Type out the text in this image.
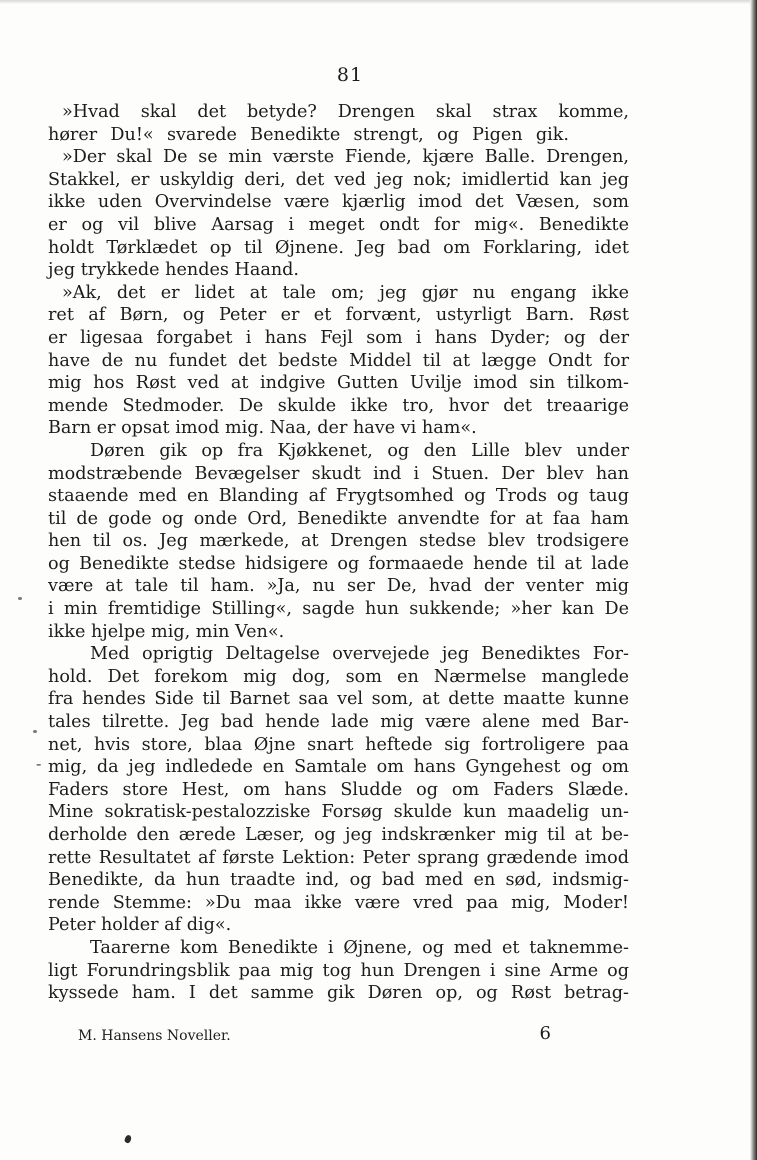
81
»Hvad skal det betyde? Drengen skal strax komme,
hører Du!« svarede Benedikte strengt, og Pigen gik.
»Der skal De se min værste Fiende, kjære Balle. Drengen,
Stakkel, er uskyldig deri, det ved jeg nok; imidlertid kan jeg
ikke uden Overvindelse være kjærlig imod det Væsen, som
er og vil blive Aarsag i meget ondt for mig«. Benedikte
holdt Tørklædet op til Øjnene. Jeg bad om Forklaring, idet
jeg trykkede hendes Haand.
»Ak, det er lidet at tale om; jeg gjør nu engang ikke
ret af Børn, og Peter er et forvænt, ustyrligt Barn. Røst
er ligesaa forgabet i hans Fejl som i hans Dyder; og der
have de nu fundet det bedste Middel til at lægge Ondt for
mig hos Røst ved at indgive Gutten Uvilje imod sin tilkom-
mende Stedmoder. De skulde ikke tro, hvor det treaarige
Barn er opsat imod mig. Naa, der have vi ham«.
Døren gik op fra Kjøkkenet, og den Lille blev under
modstræbende Bevægelser skudt ind i Stuen. Der blev han
staaende med en Blanding af Frygtsomhed og Trods og taug
til de gode og onde Ord, Benedikte anvendte for at faa ham
hen til os. Jeg mærkede, at Drengen stedse blev trodsigere
og Benedikte stedse hidsigere og formaaede hende til at lade
være at tale til ham. »Ja, nu ser De, hvad der venter mig
i min fremtidige Stilling«, sagde hun sukkende; »her kan De
ikke hjelpe mig, min Ven«.
Med oprigtig Deltagelse overvejede jeg Benediktes For-
hold. Det forekom mig dog, som en Nærmelse manglede
fra hendes Side til Barnet saa vel som, at dette maatte kunne
tales tilrette. Jeg bad hende lade mig være alene med Bar-
net, hvis store, blaa Øjne snart heftede sig fortroligere paa
mig, da jeg indledede en Samtale om hans Gyngehest og om
Faders store Hest, om hans Sludde og om Faders Slæde.
Mine sokratisk-pestalozziske Forsøg skulde kun maadelig un-
derholde den ærede Læser, og jeg indskrænker mig til at be-
rette Resultatet af første Lektion: Peter sprang grædende imod
Benedikte, da hun traadte ind, og bad med en sød, indsmig-
rende Stemme: »Du maa ikke være vred paa mig, Moder!
Peter holder af dig«.
Taarerne kom Benedikte i Øjnene, og med et taknemme-
ligt Forundringsblik paa mig tog hun Drengen i sine Arme og
kyssede ham. I det samme gik Døren op, og Røst betrag-
-
M. Hansens Noveller.	6
